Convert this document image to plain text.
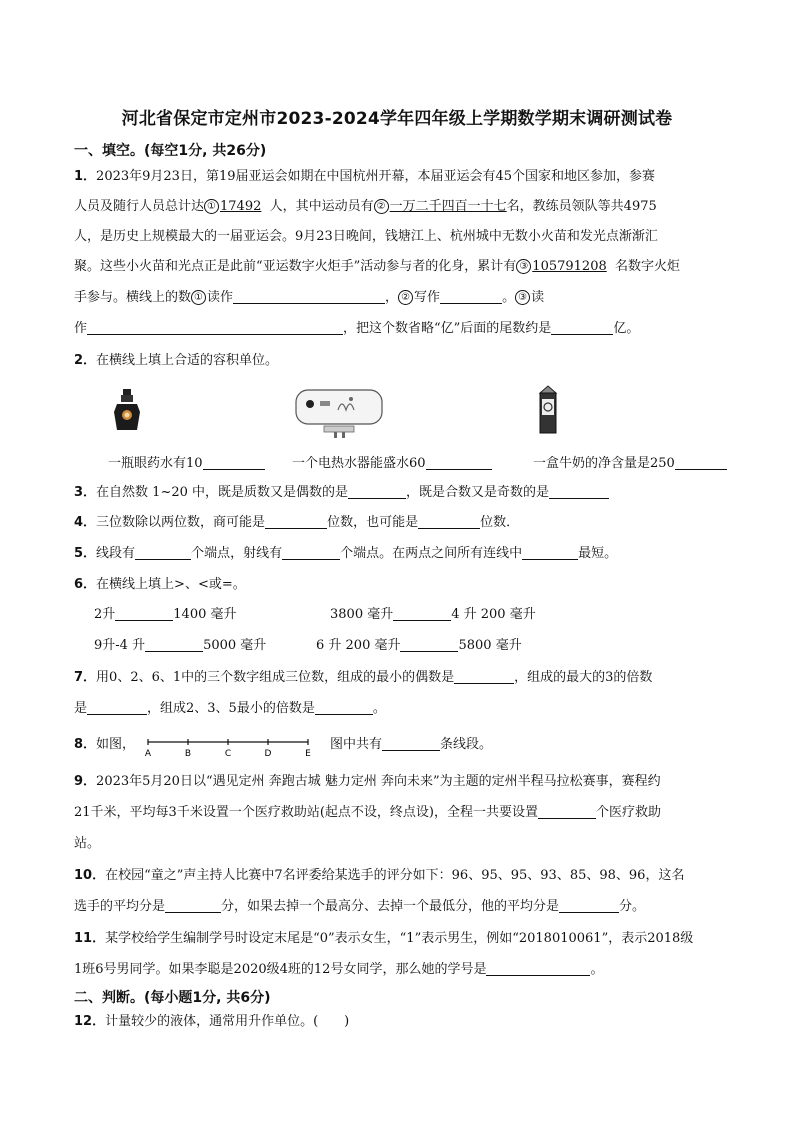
河北省保定市定州市2023-2024学年四年级上学期数学期末调研测试卷
一、填空。(每空1分, 共26分)
1．2023年9月23日，第19届亚运会如期在中国杭州开幕，本届亚运会有45个国家和地区参加，参赛
人员及随行人员总计达 ① 17492 人，其中运动员有 ② 一万二千四百一十七名，教练员领队等共4975
人，是历史上规模最大的一届亚运会。9月23日晚间，钱塘江上、杭州城中无数小火苗和发光点渐渐汇
聚。这些小火苗和光点正是此前“亚运数字火炬手”活动参与者的化身，累计有 ③ 105791208 名数字火炬
手参与。横线上的数 ① 读作	， ② 写作	。 ③ 读
作	，把这个数省略“亿”后面的尾数约是	亿。
2．在横线上填上合适的容积单位。
一瓶眼药水有10	一个电热水器能盛水60	一盒牛奶的净含量是250
3．在自然数 1~20 中，既是质数又是偶数的是	，既是合数又是奇数的是
4．三位数除以两位数，商可能是	位数，也可能是	位数．
5．线段有	个端点，射线有	个端点。在两点之间所有连线中	最短。
6．在横线上填上>、<或=。
2升	1400 毫升	3800 毫升	4 升 200 毫升
9升-4 升	5000 毫升	6 升 200 毫升	5800 毫升
7．用0、2、6、1中的三个数字组成三位数，组成的最小的偶数是	，组成的最大的3的倍数
是	，组成2、3、5最小的倍数是	。
8．如图，
A	B	C	D	E
图中共有	条线段。
9．2023年5月20日以“遇见定州 奔跑古城 魅力定州 奔向未来”为主题的定州半程马拉松赛事，赛程约
21千米，平均每3千米设置一个医疗救助站(起点不设，终点设)，全程一共要设置	个医疗救助
站。
10．在校园“童之”声主持人比赛中7名评委给某选手的评分如下：96、95、95、93、85、98、96，这名
选手的平均分是	分，如果去掉一个最高分、去掉一个最低分，他的平均分是	分。
11．某学校给学生编制学号时设定末尾是“0”表示女生，“1”表示男生，例如“2018010061”，表示2018级
1班6号男同学。如果李聪是2020级4班的12号女同学，那么她的学号是	。
二、判断。(每小题1分, 共6分)
12．计量较少的液体，通常用升作单位。(　　)
